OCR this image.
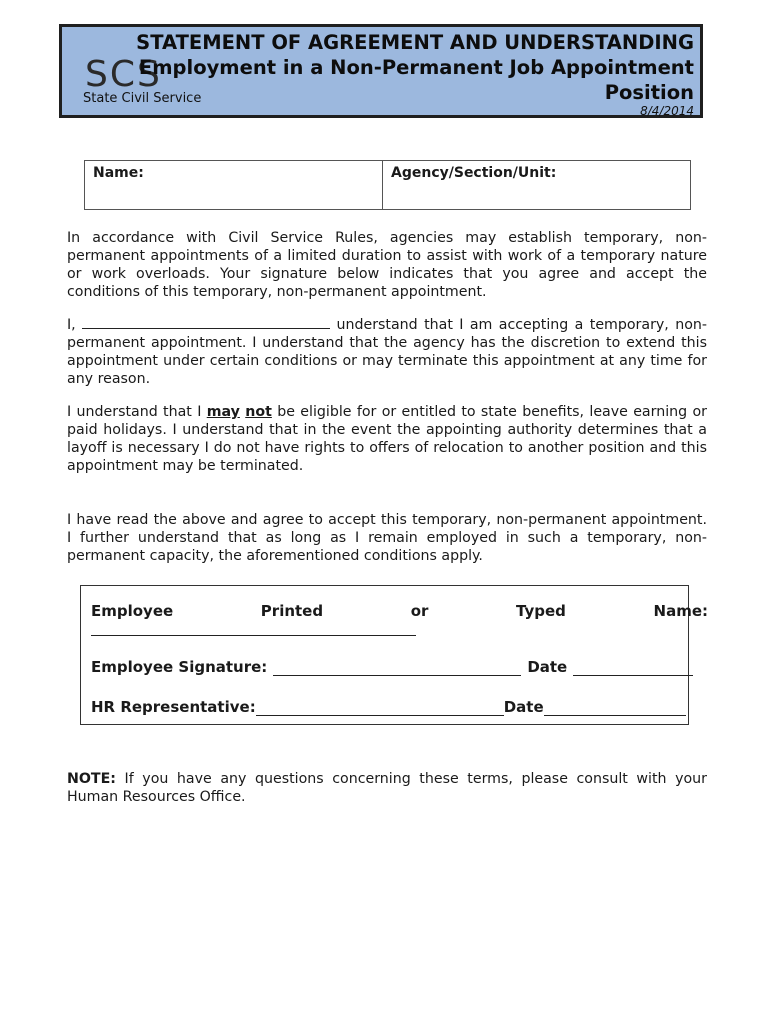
SCS
State Civil Service
STATEMENT OF AGREEMENT AND UNDERSTANDING
Employment in a Non-Permanent Job Appointment
Position
8/4/2014
Name:	Agency/Section/Unit:
In accordance with Civil Service Rules, agencies may establish temporary, non-permanent appointments of a limited duration to assist with work of a temporary nature or work overloads. Your signature below indicates that you agree and accept the conditions of this temporary, non-permanent appointment.
I,	understand that I am accepting a temporary, non-permanent appointment. I understand that the agency has the discretion to extend this appointment under certain conditions or may terminate this appointment at any time for any reason.
I understand that I may not be eligible for or entitled to state benefits, leave earning or paid holidays. I understand that in the event the appointing authority determines that a layoff is necessary I do not have rights to offers of relocation to another position and this appointment may be terminated.
I have read the above and agree to accept this temporary, non-permanent appointment. I further understand that as long as I remain employed in such a temporary, non-permanent capacity, the aforementioned conditions apply.
Employee	Printed	or	Typed	Name:
Employee Signature:	Date
HR Representative:	Date
NOTE: If you have any questions concerning these terms, please consult with your Human Resources Office.
